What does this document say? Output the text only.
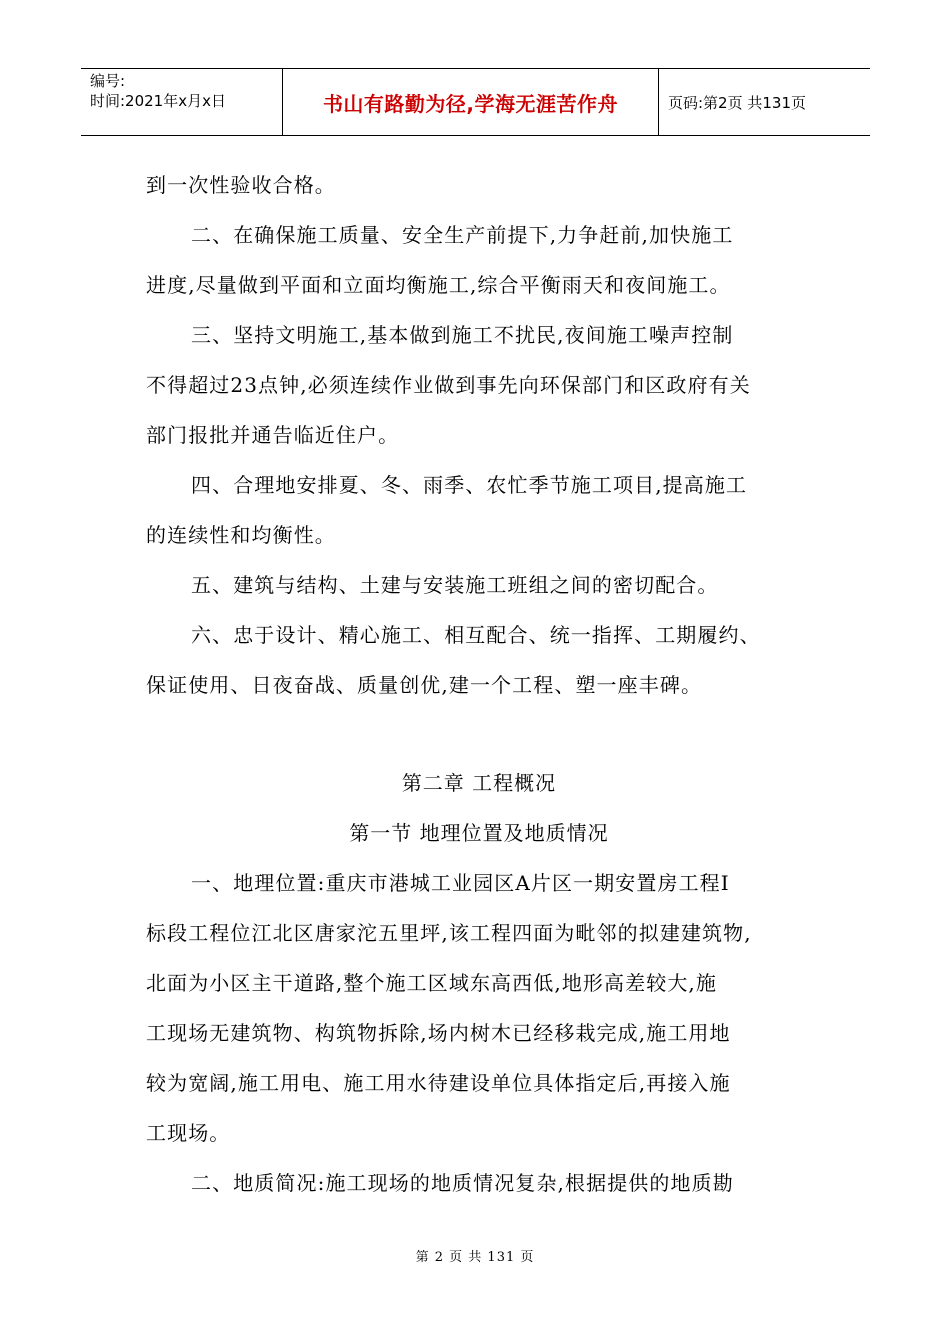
编号:
时间:2021年x月x日	书山有路勤为径,学海无涯苦作舟	页码:第2页 共131页
到一次性验收合格。
二、在确保施工质量、安全生产前提下,力争赶前,加快施工
进度,尽量做到平面和立面均衡施工,综合平衡雨天和夜间施工。
三、坚持文明施工,基本做到施工不扰民,夜间施工噪声控制
不得超过23点钟,必须连续作业做到事先向环保部门和区政府有关
部门报批并通告临近住户。
四、合理地安排夏、冬、雨季、农忙季节施工项目,提高施工
的连续性和均衡性。
五、建筑与结构、土建与安装施工班组之间的密切配合。
六、忠于设计、精心施工、相互配合、统一指挥、工期履约、
保证使用、日夜奋战、质量创优,建一个工程、塑一座丰碑。
第二章 工程概况
第一节 地理位置及地质情况
一、地理位置:重庆市港城工业园区A片区一期安置房工程Ⅰ
标段工程位江北区唐家沱五里坪,该工程四面为毗邻的拟建建筑物,
北面为小区主干道路,整个施工区域东高西低,地形高差较大,施
工现场无建筑物、构筑物拆除,场内树木已经移栽完成,施工用地
较为宽阔,施工用电、施工用水待建设单位具体指定后,再接入施
工现场。
二、地质简况:施工现场的地质情况复杂,根据提供的地质勘
第 2 页 共 131 页
